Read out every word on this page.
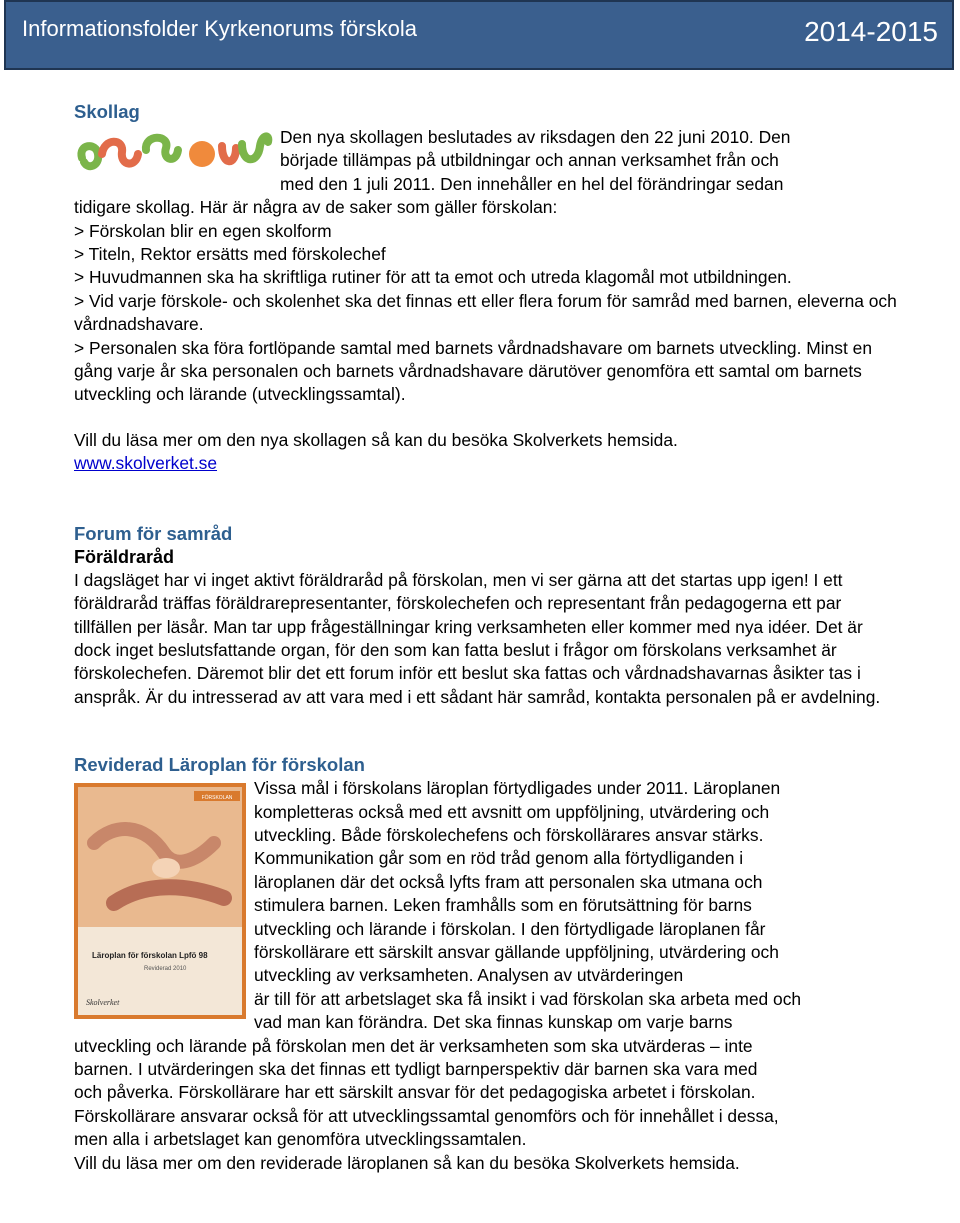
Informationsfolder Kyrkenorums förskola	2014-2015
Skollag
Den nya skollagen beslutades av riksdagen den 22 juni 2010. Den
började tillämpas på utbildningar och annan verksamhet från och
med den 1 juli 2011. Den innehåller en hel del förändringar sedan
tidigare skollag. Här är några av de saker som gäller förskolan:
> Förskolan blir en egen skolform
> Titeln, Rektor ersätts med förskolechef
> Huvudmannen ska ha skriftliga rutiner för att ta emot och utreda klagomål mot utbildningen.
> Vid varje förskole- och skolenhet ska det finnas ett eller flera forum för samråd med barnen, eleverna och vårdnadshavare.
> Personalen ska föra fortlöpande samtal med barnets vårdnadshavare om barnets utveckling. Minst en gång varje år ska personalen och barnets vårdnadshavare därutöver genomföra ett samtal om barnets utveckling och lärande (utvecklingssamtal).

Vill du läsa mer om den nya skollagen så kan du besöka Skolverkets hemsida.

www.skolverket.se
Forum för samråd
Föräldraråd

I dagsläget har vi inget aktivt föräldraråd på förskolan, men vi ser gärna att det startas upp igen! I ett föräldraråd träffas föräldrarepresentanter, förskolechefen och representant från pedagogerna ett par tillfällen per läsår. Man tar upp frågeställningar kring verksamheten eller kommer med nya idéer. Det är dock inget beslutsfattande organ, för den som kan fatta beslut i frågor om förskolans verksamhet är förskolechefen. Däremot blir det ett forum inför ett beslut ska fattas och vårdnadshavarnas åsikter tas i anspråk. Är du intresserad av att vara med i ett sådant här samråd, kontakta personalen på er avdelning.

Reviderad Läroplan för förskolan
FÖRSKOLAN
Läroplan för förskolan Lpfö 98
Reviderad 2010
Skolverket
Vissa mål i förskolans läroplan förtydligades under 2011. Läroplanen
kompletteras också med ett avsnitt om uppföljning, utvärdering och
utveckling. Både förskolechefens och förskollärares ansvar stärks.
Kommunikation går som en röd tråd genom alla förtydliganden i
läroplanen där det också lyfts fram att personalen ska utmana och
stimulera barnen. Leken framhålls som en förutsättning för barns
utveckling och lärande i förskolan. I den förtydligade läroplanen får
förskollärare ett särskilt ansvar gällande uppföljning, utvärdering och
utveckling av verksamheten. Analysen av utvärderingen
är till för att arbetslaget ska få insikt i vad förskolan ska arbeta med och
vad man kan förändra. Det ska finnas kunskap om varje barns
utveckling och lärande på förskolan men det är verksamheten som ska utvärderas – inte
barnen. I utvärderingen ska det finnas ett tydligt barnperspektiv där barnen ska vara med
och påverka. Förskollärare har ett särskilt ansvar för det pedagogiska arbetet i förskolan.
Förskollärare ansvarar också för att utvecklingssamtal genomförs och för innehållet i dessa,
men alla i arbetslaget kan genomföra utvecklingssamtalen.
Vill du läsa mer om den reviderade läroplanen så kan du besöka Skolverkets hemsida.
